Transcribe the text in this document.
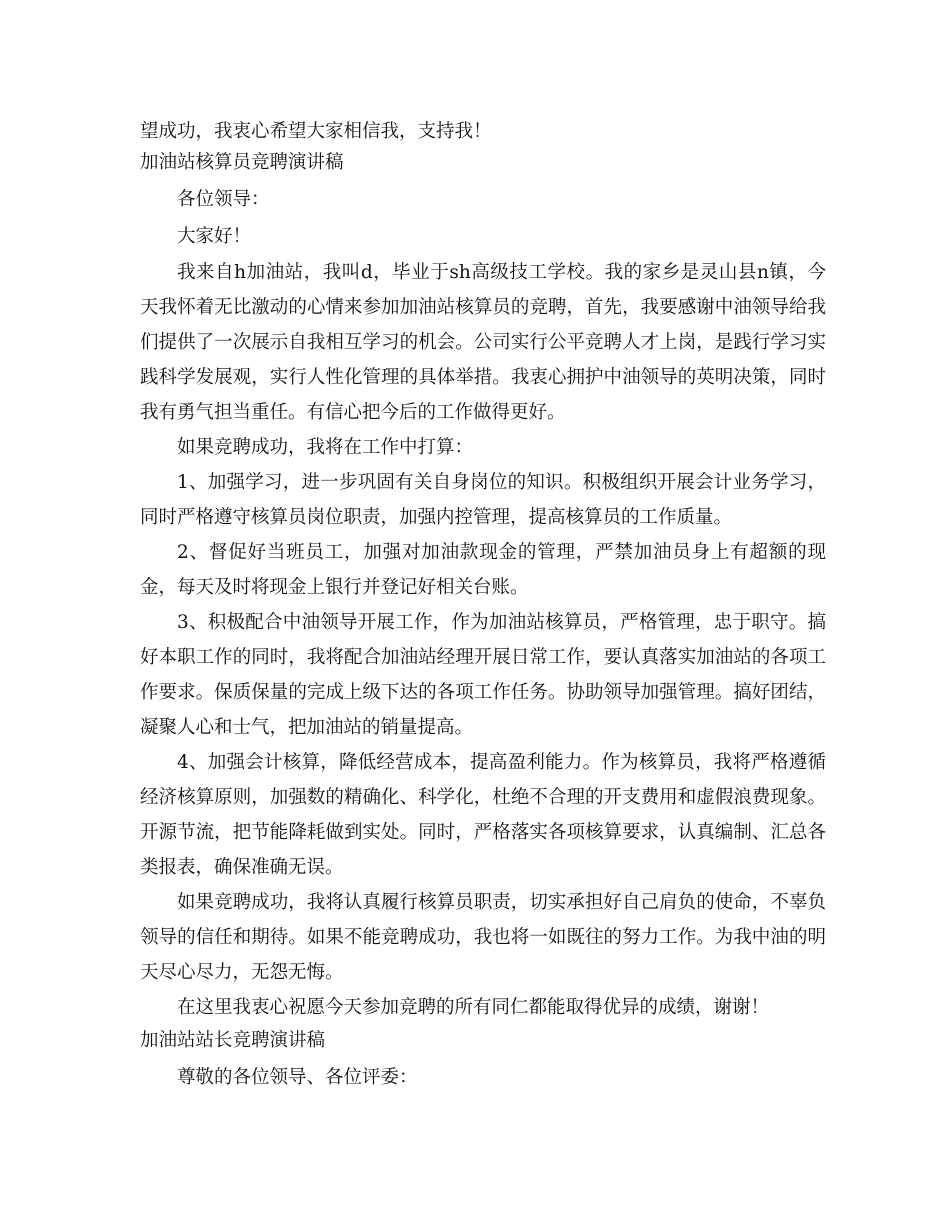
望成功，我衷心希望大家相信我，支持我！

加油站核算员竞聘演讲稿

各位领导：

大家好！

我来自h加油站，我叫d，毕业于sh高级技工学校。我的家乡是灵山县n镇，今天我怀着无比激动的心情来参加加油站核算员的竞聘，首先，我要感谢中油领导给我们提供了一次展示自我相互学习的机会。公司实行公平竞聘人才上岗，是践行学习实践科学发展观，实行人性化管理的具体举措。我衷心拥护中油领导的英明决策，同时我有勇气担当重任。有信心把今后的工作做得更好。

如果竞聘成功，我将在工作中打算：

1、加强学习，进一步巩固有关自身岗位的知识。积极组织开展会计业务学习，同时严格遵守核算员岗位职责，加强内控管理，提高核算员的工作质量。

2、督促好当班员工，加强对加油款现金的管理，严禁加油员身上有超额的现金，每天及时将现金上银行并登记好相关台账。

3、积极配合中油领导开展工作，作为加油站核算员，严格管理，忠于职守。搞好本职工作的同时，我将配合加油站经理开展日常工作，要认真落实加油站的各项工作要求。保质保量的完成上级下达的各项工作任务。协助领导加强管理。搞好团结，凝聚人心和士气，把加油站的销量提高。

4、加强会计核算，降低经营成本，提高盈利能力。作为核算员，我将严格遵循经济核算原则，加强数的精确化、科学化，杜绝不合理的开支费用和虚假浪费现象。开源节流，把节能降耗做到实处。同时，严格落实各项核算要求，认真编制、汇总各类报表，确保准确无误。

如果竞聘成功，我将认真履行核算员职责，切实承担好自己肩负的使命，不辜负领导的信任和期待。如果不能竞聘成功，我也将一如既往的努力工作。为我中油的明天尽心尽力，无怨无悔。

在这里我衷心祝愿今天参加竞聘的所有同仁都能取得优异的成绩，谢谢！

加油站站长竞聘演讲稿

尊敬的各位领导、各位评委：
